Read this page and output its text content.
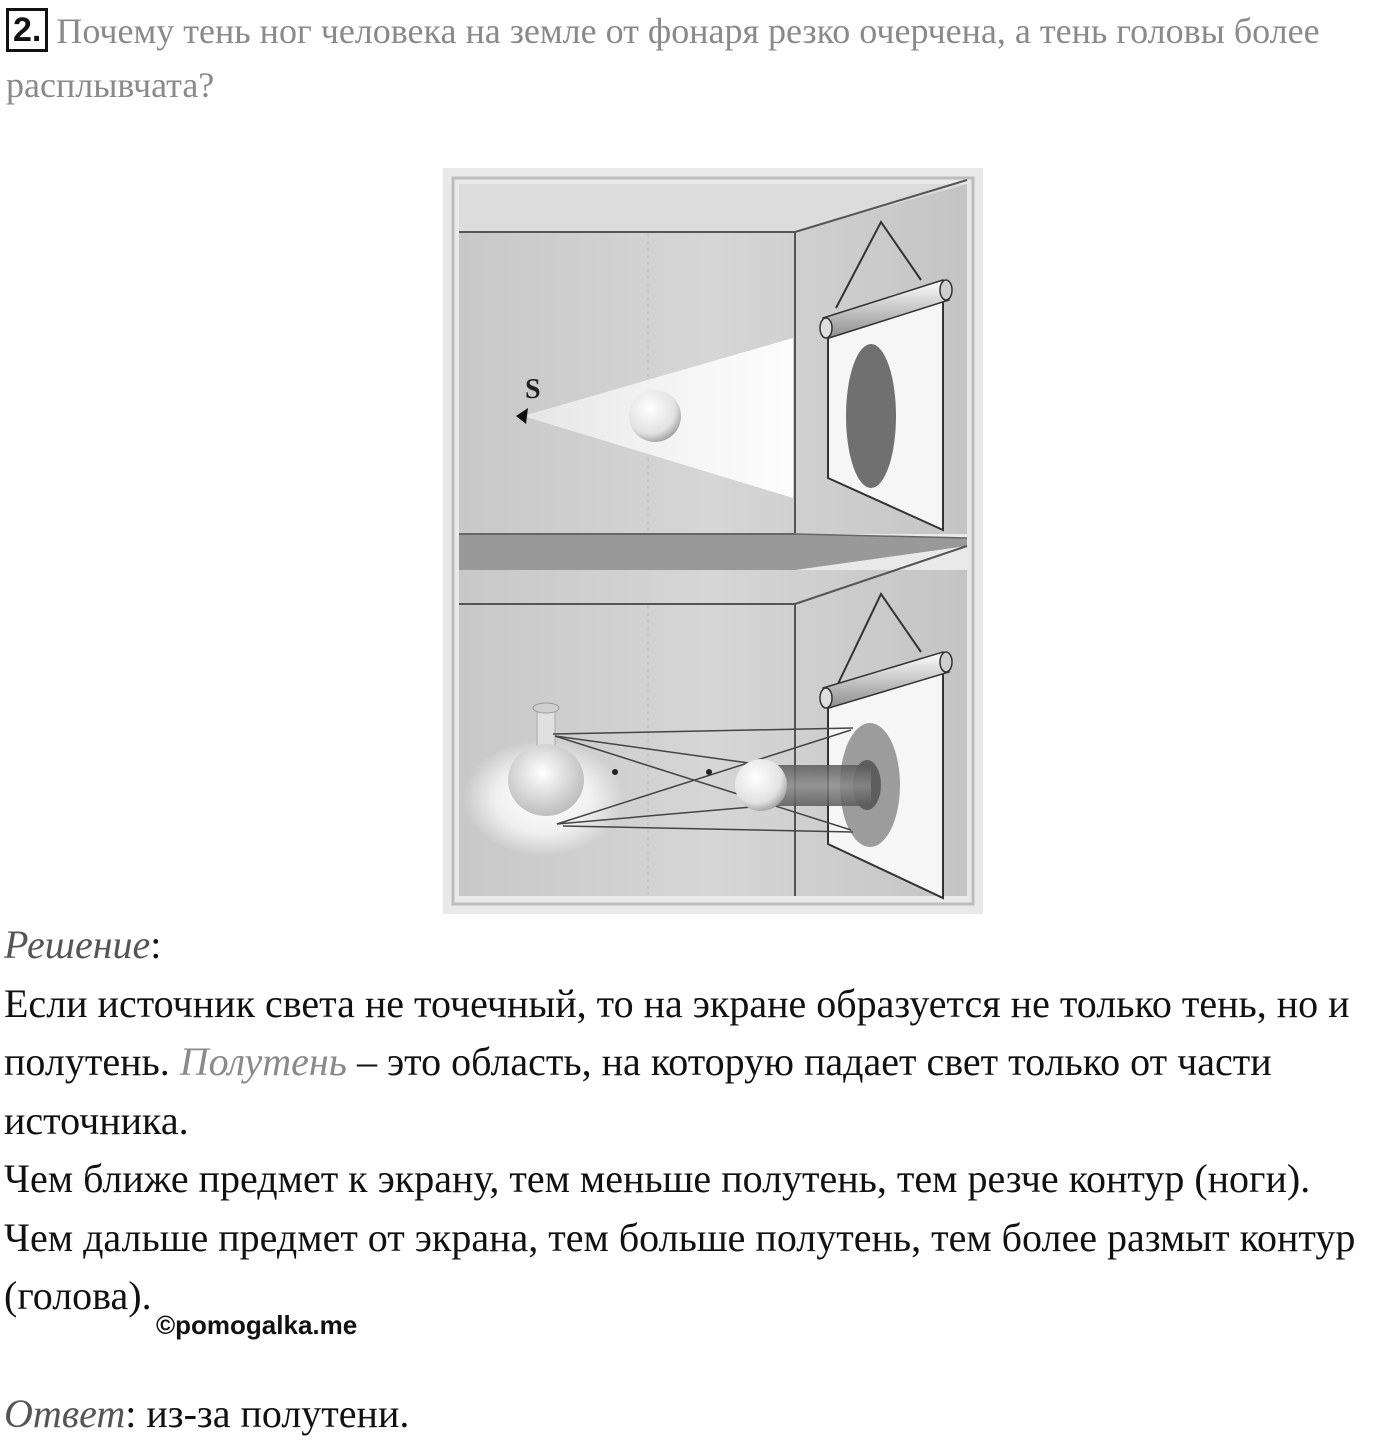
2. Почему тень ног человека на земле от фонаря резко очерчена, а тень головы более расплывчата?
S

Решение:

Если источник света не точечный, то на экране образуется не только тень, но и полутень. Полутень – это область, на которую падает свет только от части источника.

Чем ближе предмет к экрану, тем меньше полутень, тем резче контур (ноги).

Чем дальше предмет от экрана, тем больше полутень, тем более размыт контур (голова).

©pomogalka.me
Ответ: из-за полутени.
